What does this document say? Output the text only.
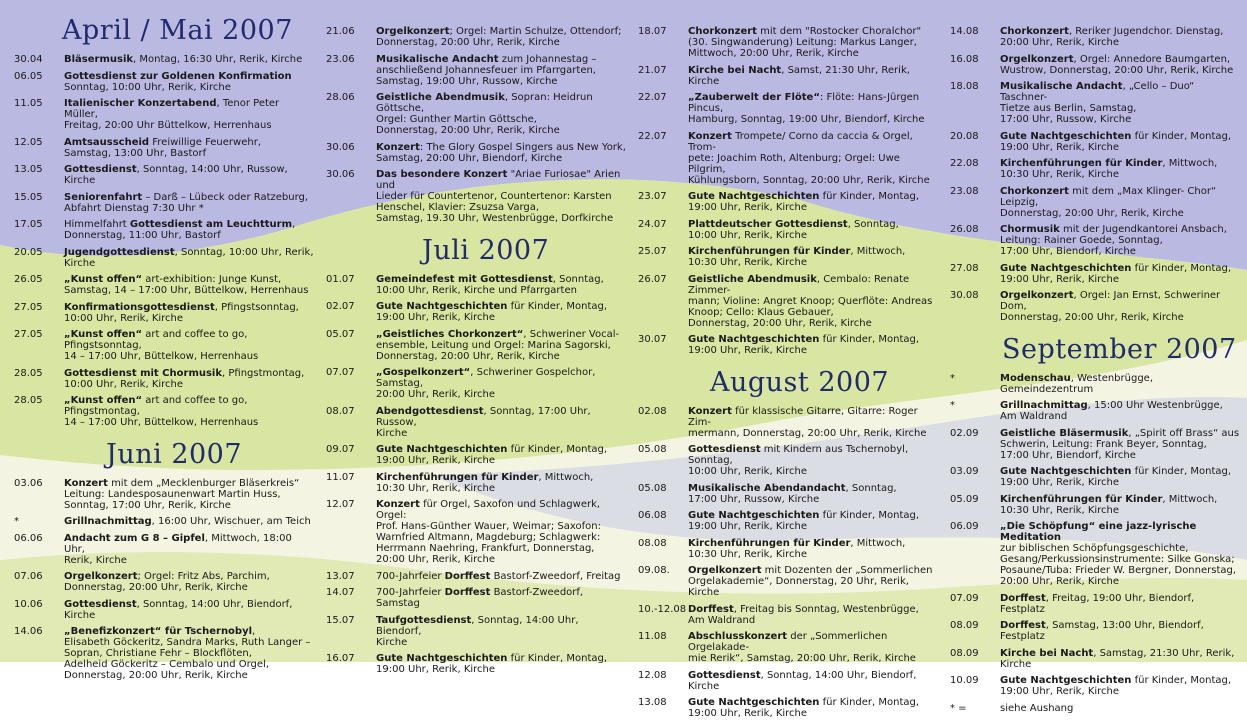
April / Mai 2007
30.04	Bläsermusik, Montag, 16:30 Uhr, Rerik, Kirche
06.05	Gottesdienst zur Goldenen Konfirmation
Sonntag, 10:00 Uhr, Rerik, Kirche
11.05	Italienischer Konzertabend, Tenor Peter Müller,
Freitag, 20:00 Uhr Büttelkow, Herrenhaus
12.05	Amtsausscheid Freiwillige Feuerwehr,
Samstag, 13:00 Uhr, Bastorf
13.05	Gottesdienst, Sonntag, 14:00 Uhr, Russow, Kirche
15.05	Seniorenfahrt – Darß – Lübeck oder Ratzeburg,
Abfahrt Dienstag 7:30 Uhr *
17.05	Himmelfahrt Gottesdienst am Leuchtturm,
Donnerstag, 11:00 Uhr, Bastorf
20.05	Jugendgottesdienst, Sonntag, 10:00 Uhr, Rerik,
Kirche
26.05	„Kunst offen“ art-exhibition: Junge Kunst,
Samstag, 14 – 17:00 Uhr, Büttelkow, Herrenhaus
27.05	Konfirmationsgottesdienst, Pfingstsonntag,
10:00 Uhr, Rerik, Kirche
27.05	„Kunst offen“ art and coffee to go, Pfingstsonntag,
14 – 17:00 Uhr, Büttelkow, Herrenhaus
28.05	Gottesdienst mit Chormusik, Pfingstmontag,
10:00 Uhr, Rerik, Kirche
28.05	„Kunst offen“ art and coffee to go, Pfingstmontag,
14 – 17:00 Uhr, Büttelkow, Herrenhaus
Juni 2007
03.06	Konzert mit dem „Mecklenburger Bläserkreis“
Leitung: Landesposaunenwart Martin Huss,
Sonntag, 17:00 Uhr, Rerik, Kirche
*	Grillnachmittag, 16:00 Uhr, Wischuer, am Teich
06.06	Andacht zum G 8 – Gipfel, Mittwoch, 18:00 Uhr,
Rerik, Kirche
07.06	Orgelkonzert; Orgel: Fritz Abs, Parchim,
Donnerstag, 20:00 Uhr, Rerik, Kirche
10.06	Gottesdienst, Sonntag, 14:00 Uhr, Biendorf, Kirche
14.06	„Benefizkonzert“ für Tschernobyl,
Elisabeth Göckeritz, Sandra Marks, Ruth Langer –
Sopran, Christiane Fehr – Blockflöten,
Adelheid Göckeritz – Cembalo und Orgel,
Donnerstag, 20:00 Uhr, Rerik, Kirche
21.06	Orgelkonzert; Orgel: Martin Schulze, Ottendorf;
Donnerstag, 20:00 Uhr, Rerik, Kirche
23.06	Musikalische Andacht zum Johannestag –
anschließend Johannesfeuer im Pfarrgarten,
Samstag, 19:00 Uhr, Russow, Kirche
28.06	Geistliche Abendmusik, Sopran: Heidrun Göttsche,
Orgel: Gunther Martin Göttsche,
Donnerstag, 20:00 Uhr, Rerik, Kirche
30.06	Konzert: The Glory Gospel Singers aus New York,
Samstag, 20:00 Uhr, Biendorf, Kirche
30.06	Das besondere Konzert "Ariae Furiosae" Arien und
Lieder für Countertenor, Countertenor: Karsten
Henschel, Klavier: Zsuzsa Varga,
Samstag, 19.30 Uhr, Westenbrügge, Dorfkirche
Juli 2007
01.07	Gemeindefest mit Gottesdienst, Sonntag,
10:00 Uhr, Rerik, Kirche und Pfarrgarten
02.07	Gute Nachtgeschichten für Kinder, Montag,
19:00 Uhr, Rerik, Kirche
05.07	„Geistliches Chorkonzert“, Schweriner Vocal-
ensemble, Leitung und Orgel: Marina Sagorski,
Donnerstag, 20:00 Uhr, Rerik, Kirche
07.07	„Gospelkonzert“, Schweriner Gospelchor, Samstag,
20:00 Uhr, Rerik, Kirche
08.07	Abendgottesdienst, Sonntag, 17:00 Uhr, Russow,
Kirche
09.07	Gute Nachtgeschichten für Kinder, Montag,
19:00 Uhr, Rerik, Kirche
11.07	Kirchenführungen für Kinder, Mittwoch,
10:30 Uhr, Rerik, Kirche
12.07	Konzert für Orgel, Saxofon und Schlagwerk, Orgel:
Prof. Hans-Günther Wauer, Weimar; Saxofon:
Warnfried Altmann, Magdeburg; Schlagwerk:
Herrmann Naehring, Frankfurt, Donnerstag,
20:00 Uhr, Rerik, Kirche
13.07	700-Jahrfeier Dorffest Bastorf-Zweedorf, Freitag
14.07	700-Jahrfeier Dorffest Bastorf-Zweedorf,
Samstag
15.07	Taufgottesdienst, Sonntag, 14:00 Uhr, Biendorf,
Kirche
16.07	Gute Nachtgeschichten für Kinder, Montag,
19:00 Uhr, Rerik, Kirche
18.07	Chorkonzert mit dem "Rostocker Choralchor"
(30. Singwanderung) Leitung: Markus Langer,
Mittwoch, 20:00 Uhr, Rerik, Kirche
21.07	Kirche bei Nacht, Samst, 21:30 Uhr, Rerik, Kirche
22.07	„Zauberwelt der Flöte“: Flöte: Hans-Jürgen Pincus,
Hamburg, Sonntag, 19:00 Uhr, Biendorf, Kirche
22.07	Konzert Trompete/ Corno da caccia & Orgel, Trom-
pete: Joachim Roth, Altenburg; Orgel: Uwe Pilgrim,
Kühlungsborn, Sonntag, 20:00 Uhr, Rerik, Kirche
23.07	Gute Nachtgeschichten für Kinder, Montag,
19:00 Uhr, Rerik, Kirche
24.07	Plattdeutscher Gottesdienst, Sonntag,
10:00 Uhr, Rerik, Kirche
25.07	Kirchenführungen für Kinder, Mittwoch,
10:30 Uhr, Rerik, Kirche
26.07	Geistliche Abendmusik, Cembalo: Renate Zimmer-
mann; Violine: Angret Knoop; Querflöte: Andreas
Knoop; Cello: Klaus Gebauer,
Donnerstag, 20:00 Uhr, Rerik, Kirche
30.07	Gute Nachtgeschichten für Kinder, Montag,
19:00 Uhr, Rerik, Kirche
August 2007
02.08	Konzert für klassische Gitarre, Gitarre: Roger Zim-
mermann, Donnerstag, 20:00 Uhr, Rerik, Kirche
05.08	Gottesdienst mit Kindern aus Tschernobyl, Sonntag,
10:00 Uhr, Rerik, Kirche
05.08	Musikalische Abendandacht, Sonntag,
17:00 Uhr, Russow, Kirche
06.08	Gute Nachtgeschichten für Kinder, Montag,
19:00 Uhr, Rerik, Kirche
08.08	Kirchenführungen für Kinder, Mittwoch,
10:30 Uhr, Rerik, Kirche
09.08.	Orgelkonzert mit Dozenten der „Sommerlichen
Orgelakademie“, Donnerstag, 20 Uhr, Rerik, Kirche
10.-12.08 Dorffest, Freitag bis Sonntag, Westenbrügge,
Am Waldrand
11.08	Abschlusskonzert der „Sommerlichen Orgelakade-
mie Rerik“, Samstag, 20:00 Uhr, Rerik, Kirche
12.08	Gottesdienst, Sonntag, 14:00 Uhr, Biendorf, Kirche
13.08	Gute Nachtgeschichten für Kinder, Montag,
19:00 Uhr, Rerik, Kirche
14.08	Chorkonzert, Reriker Jugendchor. Dienstag,
20:00 Uhr, Rerik, Kirche
16.08	Orgelkonzert, Orgel: Annedore Baumgarten,
Wustrow, Donnerstag, 20:00 Uhr, Rerik, Kirche
18.08	Musikalische Andacht, „Cello – Duo“ Taschner-
Tietze aus Berlin, Samstag,
17:00 Uhr, Russow, Kirche
20.08	Gute Nachtgeschichten für Kinder, Montag,
19:00 Uhr, Rerik, Kirche
22.08	Kirchenführungen für Kinder, Mittwoch,
10:30 Uhr, Rerik, Kirche
23.08	Chorkonzert mit dem „Max Klinger- Chor“ Leipzig,
Donnerstag, 20:00 Uhr, Rerik, Kirche
26.08	Chormusik mit der Jugendkantorei Ansbach,
Leitung: Rainer Goede, Sonntag,
17:00 Uhr, Biendorf, Kirche
27.08	Gute Nachtgeschichten für Kinder, Montag,
19:00 Uhr, Rerik, Kirche
30.08	Orgelkonzert, Orgel: Jan Ernst, Schweriner Dom,
Donnerstag, 20:00 Uhr, Rerik, Kirche
September 2007
*	Modenschau, Westenbrügge, Gemeindezentrum
*	Grillnachmittag, 15:00 Uhr Westenbrügge,
Am Waldrand
02.09	Geistliche Bläsermusik, „Spirit off Brass“ aus
Schwerin, Leitung: Frank Beyer, Sonntag,
17:00 Uhr, Biendorf, Kirche
03.09	Gute Nachtgeschichten für Kinder, Montag,
19:00 Uhr, Rerik, Kirche
05.09	Kirchenführungen für Kinder, Mittwoch,
10:30 Uhr, Rerik, Kirche
06.09	„Die Schöpfung“ eine jazz-lyrische Meditation
zur biblischen Schöpfungsgeschichte,
Gesang/Perkussionsinstrumente: Silke Gonska;
Posaune/Tuba: Frieder W. Bergner, Donnerstag,
20:00 Uhr, Rerik, Kirche
07.09	Dorffest, Freitag, 19:00 Uhr, Biendorf, Festplatz
08.09	Dorffest, Samstag, 13:00 Uhr, Biendorf, Festplatz
08.09	Kirche bei Nacht, Samstag, 21:30 Uhr, Rerik,
Kirche
10.09	Gute Nachtgeschichten für Kinder, Montag,
19:00 Uhr, Rerik, Kirche
* =	siehe Aushang
